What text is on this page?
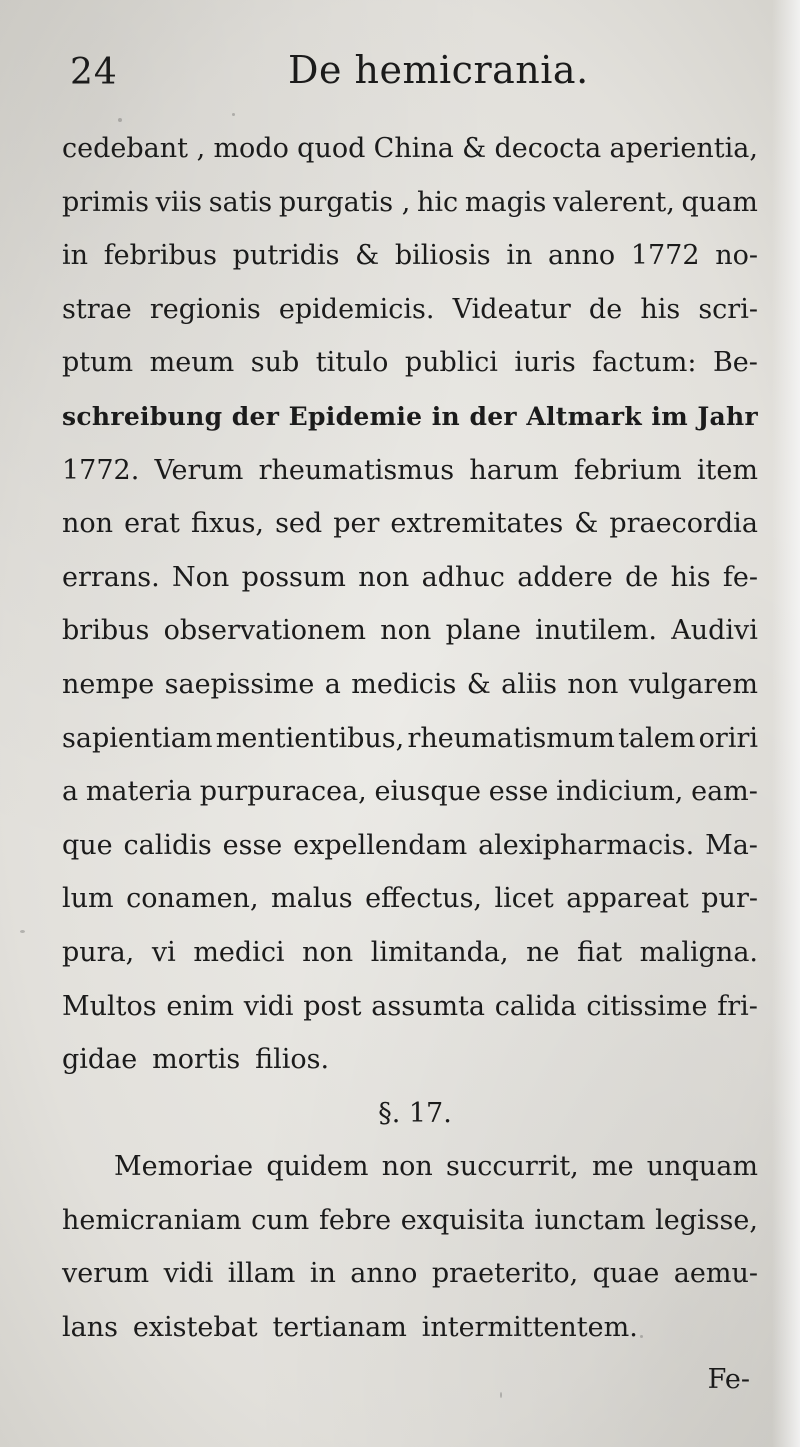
24	De hemicrania.
cedebant , modo quod China & decocta aperientia,
primis viis satis purgatis , hic magis valerent, quam
in febribus putridis & biliosis in anno 1772 no-
strae regionis epidemicis. Videatur de his scri-
ptum meum sub titulo publici iuris factum: Be-
schreibung der Epidemie in der Altmark im Jahr
1772. Verum rheumatismus harum febrium item
non erat fixus, sed per extremitates & praecordia
errans. Non possum non adhuc addere de his fe-
bribus observationem non plane inutilem. Audivi
nempe saepissime a medicis & aliis non vulgarem
sapientiam mentientibus, rheumatismum talem oriri
a materia purpuracea, eiusque esse indicium, eam-
que calidis esse expellendam alexipharmacis. Ma-
lum conamen, malus effectus, licet appareat pur-
pura, vi medici non limitanda, ne fiat maligna.
Multos enim vidi post assumta calida citissime fri-
gidae mortis filios.
§. 17.
Memoriae quidem non succurrit, me unquam
hemicraniam cum febre exquisita iunctam legisse,
verum vidi illam in anno praeterito, quae aemu-
lans existebat tertianam intermittentem.
Fe-
